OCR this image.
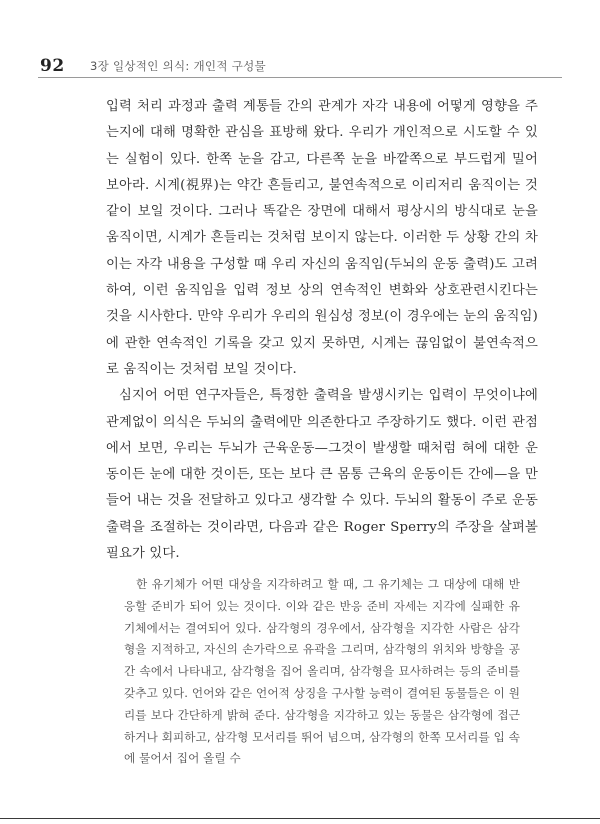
92 3장 일상적인 의식: 개인적 구성물

입력 처리 과정과 출력 계통들 간의 관계가 자각 내용에 어떻게 영향을 주는지에 대해 명확한 관심을 표방해 왔다. 우리가 개인적으로 시도할 수 있는 실험이 있다. 한쪽 눈을 감고, 다른쪽 눈을 바깥쪽으로 부드럽게 밀어 보아라. 시계(視界)는 약간 흔들리고, 불연속적으로 이리저리 움직이는 것같이 보일 것이다. 그러나 똑같은 장면에 대해서 평상시의 방식대로 눈을 움직이면, 시계가 흔들리는 것처럼 보이지 않는다. 이러한 두 상황 간의 차이는 자각 내용을 구성할 때 우리 자신의 움직임(두뇌의 운동 출력)도 고려하여, 이런 움직임을 입력 정보 상의 연속적인 변화와 상호관련시킨다는 것을 시사한다. 만약 우리가 우리의 원심성 정보(이 경우에는 눈의 움직임)에 관한 연속적인 기록을 갖고 있지 못하면, 시계는 끊임없이 불연속적으로 움직이는 것처럼 보일 것이다.

심지어 어떤 연구자들은, 특정한 출력을 발생시키는 입력이 무엇이냐에 관계없이 의식은 두뇌의 출력에만 의존한다고 주장하기도 했다. 이런 관점에서 보면, 우리는 두뇌가 근육운동—그것이 발생할 때처럼 혀에 대한 운동이든 눈에 대한 것이든, 또는 보다 큰 몸통 근육의 운동이든 간에—을 만들어 내는 것을 전달하고 있다고 생각할 수 있다. 두뇌의 활동이 주로 운동 출력을 조절하는 것이라면, 다음과 같은 Roger Sperry의 주장을 살펴볼 필요가 있다.

한 유기체가 어떤 대상을 지각하려고 할 때, 그 유기체는 그 대상에 대해 반응할 준비가 되어 있는 것이다. 이와 같은 반응 준비 자세는 지각에 실패한 유기체에서는 결여되어 있다. 삼각형의 경우에서, 삼각형을 지각한 사람은 삼각형을 지적하고, 자신의 손가락으로 유곽을 그리며, 삼각형의 위치와 방향을 공간 속에서 나타내고, 삼각형을 집어 올리며, 삼각형을 묘사하려는 등의 준비를 갖추고 있다. 언어와 같은 언어적 상징을 구사할 능력이 결여된 동물들은 이 원리를 보다 간단하게 밝혀 준다. 삼각형을 지각하고 있는 동물은 삼각형에 접근하거나 회피하고, 삼각형 모서리를 뛰어 넘으며, 삼각형의 한쪽 모서리를 입 속에 물어서 집어 올릴 수
